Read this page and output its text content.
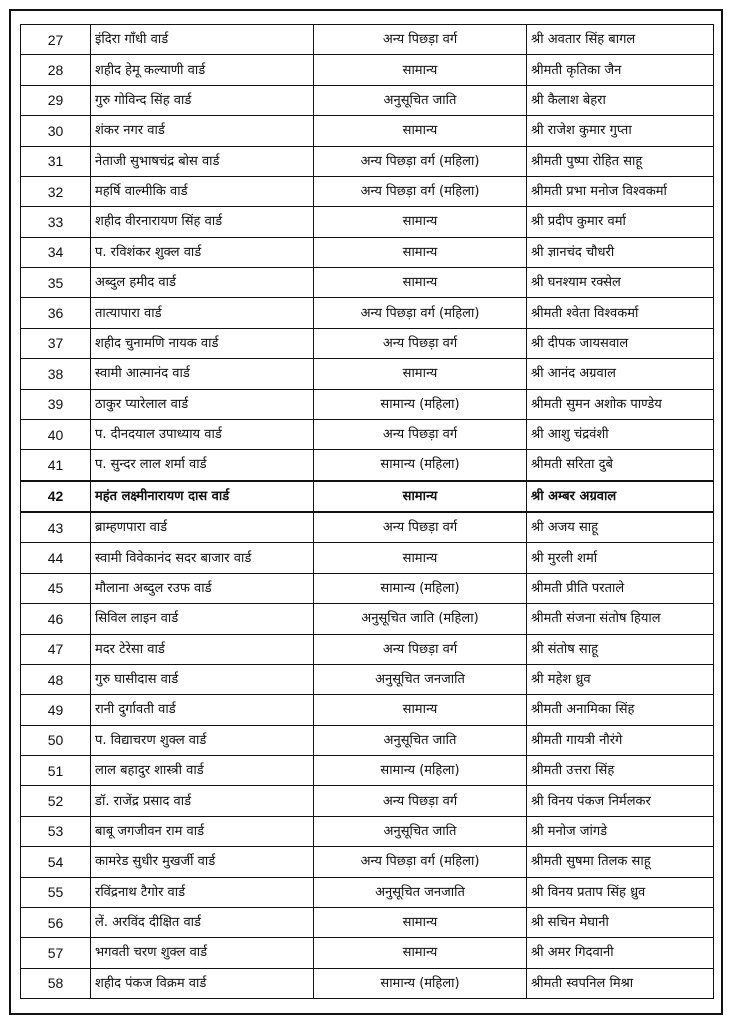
27	इंदिरा गाँधी वार्ड	अन्य पिछड़ा वर्ग	श्री अवतार सिंह बागल
28	शहीद हेमू कल्याणी वार्ड	सामान्य	श्रीमती कृतिका जैन
29	गुरु गोविन्द सिंह वार्ड	अनुसूचित जाति	श्री कैलाश बेहरा
30	शंकर नगर वार्ड	सामान्य	श्री राजेश कुमार गुप्ता
31	नेताजी सुभाषचंद्र बोस वार्ड	अन्य पिछड़ा वर्ग (महिला)	श्रीमती पुष्पा रोहित साहू
32	महर्षि वाल्मीकि वार्ड	अन्य पिछड़ा वर्ग (महिला)	श्रीमती प्रभा मनोज विश्वकर्मा
33	शहीद वीरनारायण सिंह वार्ड	सामान्य	श्री प्रदीप कुमार वर्मा
34	प. रविशंकर शुक्ल वार्ड	सामान्य	श्री ज्ञानचंद चौधरी
35	अब्दुल हमीद वार्ड	सामान्य	श्री घनश्याम रक्सेल
36	तात्यापारा वार्ड	अन्य पिछड़ा वर्ग (महिला)	श्रीमती श्वेता विश्वकर्मा
37	शहीद चुनामणि नायक वार्ड	अन्य पिछड़ा वर्ग	श्री दीपक जायसवाल
38	स्वामी आत्मानंद वार्ड	सामान्य	श्री आनंद अग्रवाल
39	ठाकुर प्यारेलाल वार्ड	सामान्य (महिला)	श्रीमती सुमन अशोक पाण्डेय
40	प. दीनदयाल उपाध्याय वार्ड	अन्य पिछड़ा वर्ग	श्री आशु चंद्रवंशी
41	प. सुन्दर लाल शर्मा वार्ड	सामान्य (महिला)	श्रीमती सरिता दुबे
42	महंत लक्ष्मीनारायण दास वार्ड	सामान्य	श्री अम्बर अग्रवाल
43	ब्राम्हणपारा वार्ड	अन्य पिछड़ा वर्ग	श्री अजय साहू
44	स्वामी विवेकानंद सदर बाजार वार्ड	सामान्य	श्री मुरली शर्मा
45	मौलाना अब्दुल रउफ वार्ड	सामान्य (महिला)	श्रीमती प्रीति परताले
46	सिविल लाइन वार्ड	अनुसूचित जाति (महिला)	श्रीमती संजना संतोष हियाल
47	मदर टेरेसा वार्ड	अन्य पिछड़ा वर्ग	श्री संतोष साहू
48	गुरु घासीदास वार्ड	अनुसूचित जनजाति	श्री महेश ध्रुव
49	रानी दुर्गावती वार्ड	सामान्य	श्रीमती अनामिका सिंह
50	प. विद्याचरण शुक्ल वार्ड	अनुसूचित जाति	श्रीमती गायत्री नौरंगे
51	लाल बहादुर शास्त्री वार्ड	सामान्य (महिला)	श्रीमती उत्तरा सिंह
52	डॉ. राजेंद्र प्रसाद वार्ड	अन्य पिछड़ा वर्ग	श्री विनय पंकज निर्मलकर
53	बाबू जगजीवन राम वार्ड	अनुसूचित जाति	श्री मनोज जांगडे
54	कामरेड सुधीर मुखर्जी वार्ड	अन्य पिछड़ा वर्ग (महिला)	श्रीमती सुषमा तिलक साहू
55	रविंद्रनाथ टैगोर वार्ड	अनुसूचित जनजाति	श्री विनय प्रताप सिंह ध्रुव
56	लें. अरविंद दीक्षित वार्ड	सामान्य	श्री सचिन मेघानी
57	भगवती चरण शुक्ल वार्ड	सामान्य	श्री अमर गिदवानी
58	शहीद पंकज विक्रम वार्ड	सामान्य (महिला)	श्रीमती स्वपनिल मिश्रा
